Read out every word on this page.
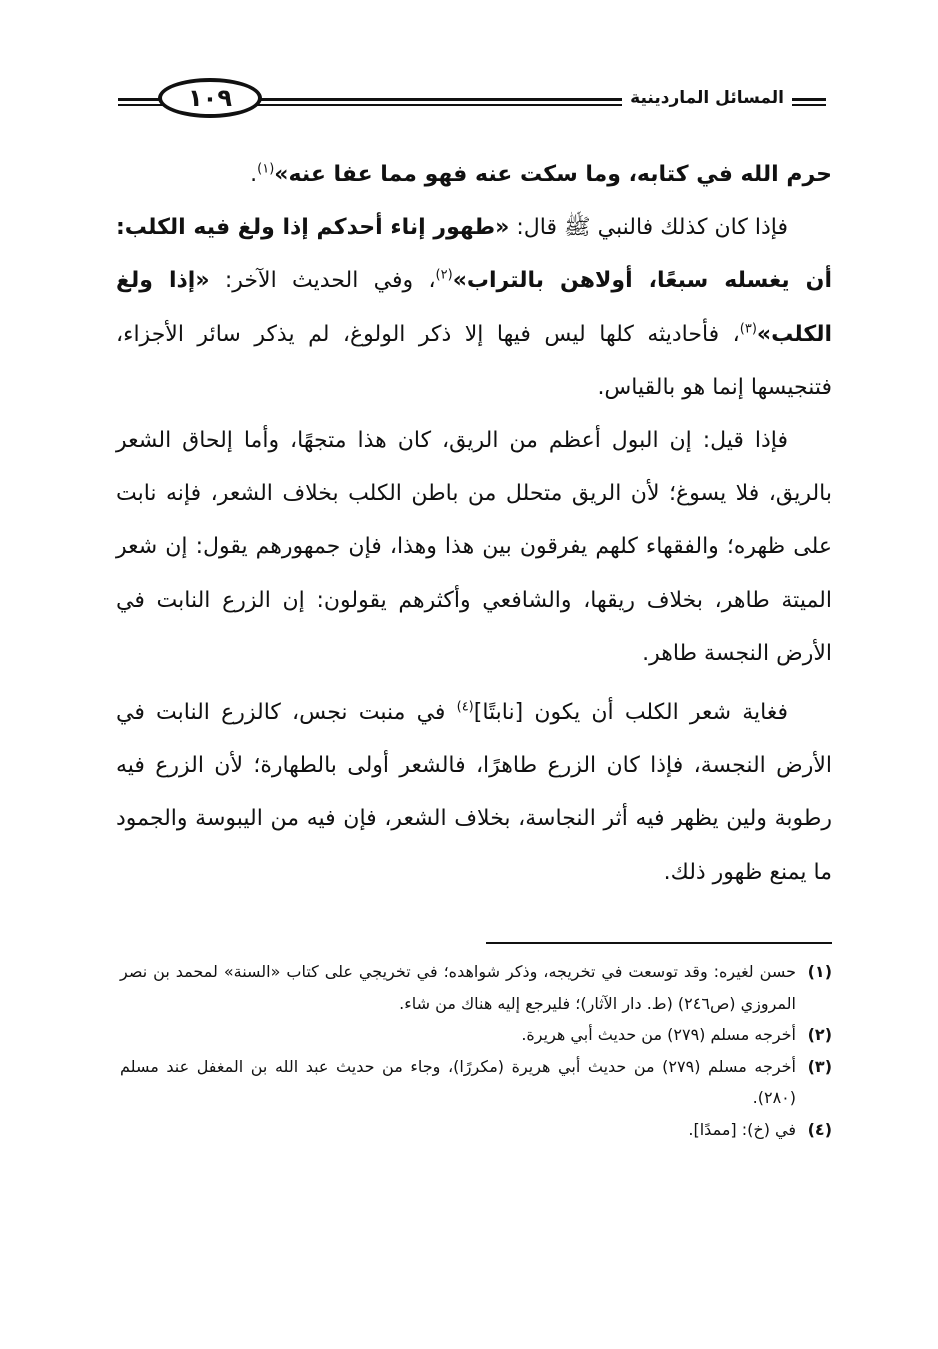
١٠٩	المسائل الماردينية

حرم الله في كتابه، وما سكت عنه فهو مما عفا عنه»$^{(١)}$.

فإذا كان كذلك فالنبي ﷺ قال: «طهور إناء أحدكم إذا ولغ فيه الكلب: أن يغسله سبعًا، أولاهن بالتراب»$^{(٢)}$، وفي الحديث الآخر: «إذا ولغ الكلب»$^{(٣)}$، فأحاديثه كلها ليس فيها إلا ذكر الولوغ، لم يذكر سائر الأجزاء، فتنجيسها إنما هو بالقياس.

فإذا قيل: إن البول أعظم من الريق، كان هذا متجهًا، وأما إلحاق الشعر بالريق، فلا يسوغ؛ لأن الريق متحلل من باطن الكلب بخلاف الشعر، فإنه نابت على ظهره؛ والفقهاء كلهم يفرقون بين هذا وهذا، فإن جمهورهم يقول: إن شعر الميتة طاهر، بخلاف ريقها، والشافعي وأكثرهم يقولون: إن الزرع النابت في الأرض النجسة طاهر.

فغاية شعر الكلب أن يكون [نابتًا]$^{(٤)}$ في منبت نجس، كالزرع النابت في الأرض النجسة، فإذا كان الزرع طاهرًا، فالشعر أولى بالطهارة؛ لأن الزرع فيه رطوبة ولين يظهر فيه أثر النجاسة، بخلاف الشعر، فإن فيه من اليبوسة والجمود ما يمنع ظهور ذلك.

(١)حسن لغيره: وقد توسعت في تخريجه، وذكر شواهده؛ في تخريجي على كتاب «السنة» لمحمد بن نصر المروزي (ص٢٤٦) (ط. دار الآثار)؛ فليرجع إليه هناك من شاء.

(٢)أخرجه مسلم (٢٧٩) من حديث أبي هريرة.

(٣)أخرجه مسلم (٢٧٩) من حديث أبي هريرة (مكررًا)، وجاء من حديث عبد الله بن المغفل عند مسلم (٢٨٠).

(٤)في (خ): [ممدًا].
